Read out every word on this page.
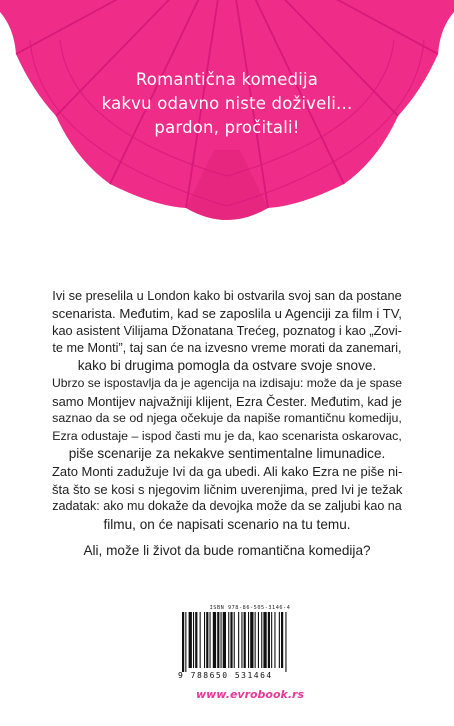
Romantična komedija
kakvu odavno niste doživeli...
pardon, pročitali!
Ivi se preselila u London kako bi ostvarila svoj san da postane
scenarista. Međutim, kad se zaposlila u Agenciji za film i TV,
kao asistent Vilijama Džonatana Trećeg, poznatog i kao „Zovi-
te me Monti”, taj san će na izvesno vreme morati da zanemari,
kako bi drugima pomogla da ostvare svoje snove.
Ubrzo se ispostavlja da je agencija na izdisaju: može da je spase
samo Montijev najvažniji klijent, Ezra Čester. Međutim, kad je
saznao da se od njega očekuje da napiše romantičnu komediju,
Ezra odustaje – ispod časti mu je da, kao scenarista oskarovac,
piše scenarije za nekakve sentimentalne limunadice.
Zato Monti zadužuje Ivi da ga ubedi. Ali kako Ezra ne piše ni-
šta što se kosi s njegovim ličnim uverenjima, pred Ivi je težak
zadatak: ako mu dokaže da devojka može da se zaljubi kao na
filmu, on će napisati scenario na tu temu.
Ali, može li život da bude romantična komedija?
ISBN 978-86-505-3146-4
9 788650 531464
www.evrobook.rs
